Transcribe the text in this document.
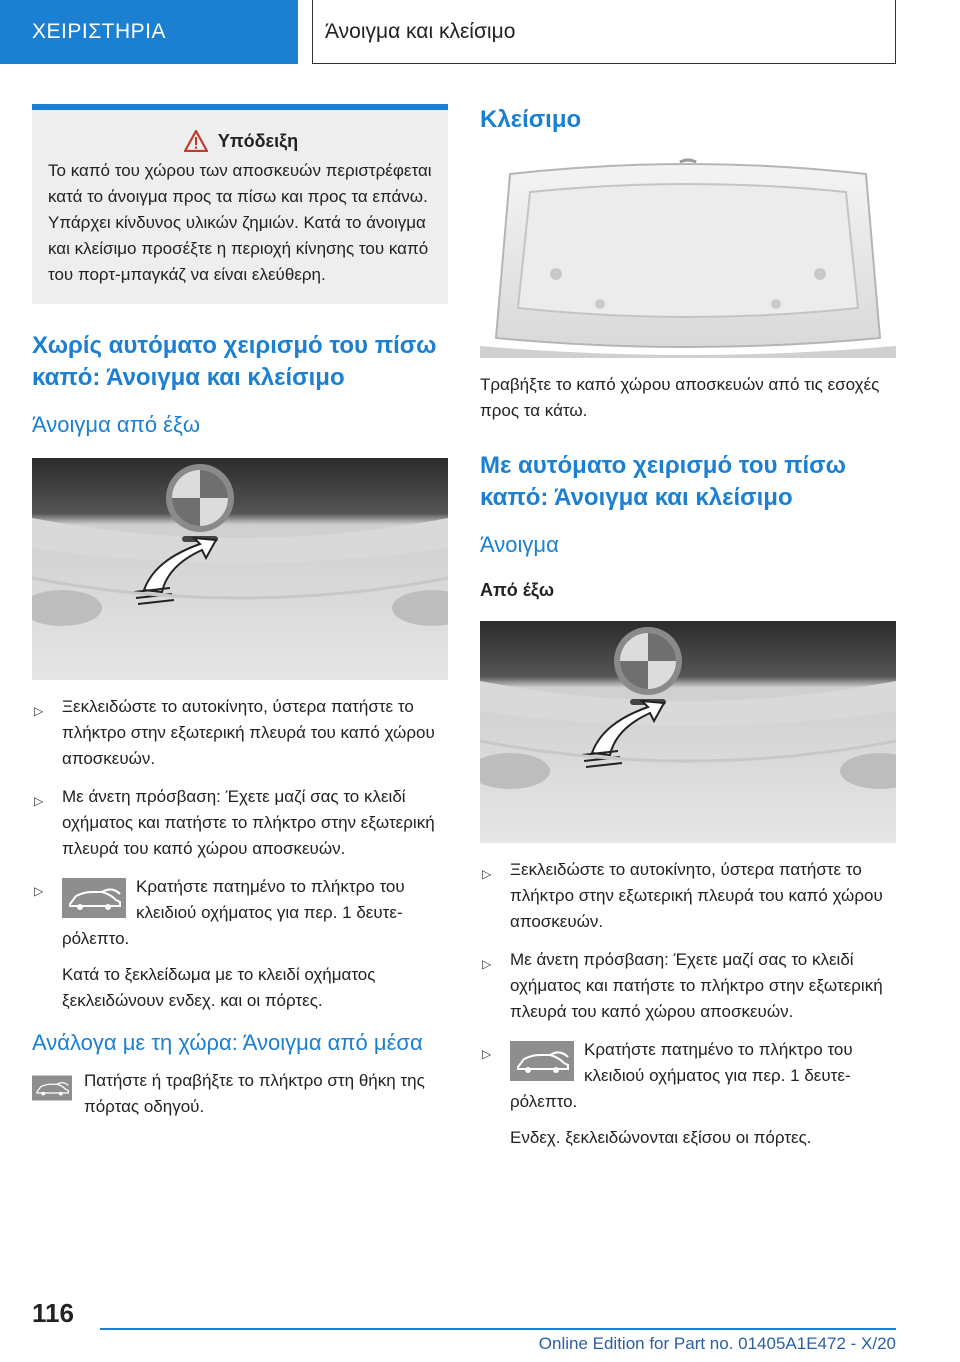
ΧΕΙΡΙΣΤΗΡΙΑ	Άνοιγμα και κλείσιμο
Υπόδειξη
Το καπό του χώρου των αποσκευών περιστρέφεται κατά το άνοιγμα προς τα πίσω και προς τα επάνω. Υπάρχει κίνδυνος υλικών ζημιών. Κατά το άνοιγμα και κλείσιμο προσέξτε η περιοχή κίνησης του καπό του πορτ-μπαγκάζ να είναι ελεύθερη.
Χωρίς αυτόματο χειρισμό του πίσω καπό: Άνοιγμα και κλείσιμο
Άνοιγμα από έξω
▷ Ξεκλειδώστε το αυτοκίνητο, ύστερα πατήστε το πλήκτρο στην εξωτερική πλευρά του καπό χώρου αποσκευών.
▷ Με άνετη πρόσβαση: Έχετε μαζί σας το κλειδί οχήματος και πατήστε το πλήκτρο στην εξωτερική πλευρά του καπό χώρου αποσκευών.
▷	Κρατήστε πατημένο το πλήκτρο του κλειδιού οχήματος για περ. 1 δευτερόλεπτο.

Κατά το ξεκλείδωμα με το κλειδί οχήματος ξεκλειδώνουν ενδεχ. και οι πόρτες.

Ανάλογα με τη χώρα: Άνοιγμα από μέσα

Πατήστε ή τραβήξτε το πλήκτρο στη θήκη της πόρτας οδηγού.

Κλείσιμο

Τραβήξτε το καπό χώρου αποσκευών από τις εσοχές προς τα κάτω.

Με αυτόματο χειρισμό του πίσω καπό: Άνοιγμα και κλείσιμο
Άνοιγμα
Από έξω
▷ Ξεκλειδώστε το αυτοκίνητο, ύστερα πατήστε το πλήκτρο στην εξωτερική πλευρά του καπό χώρου αποσκευών.
▷ Με άνετη πρόσβαση: Έχετε μαζί σας το κλειδί οχήματος και πατήστε το πλήκτρο στην εξωτερική πλευρά του καπό χώρου αποσκευών.
▷	Κρατήστε πατημένο το πλήκτρο του κλειδιού οχήματος για περ. 1 δευτερόλεπτο.

Ενδεχ. ξεκλειδώνονται εξίσου οι πόρτες.

116
Online Edition for Part no. 01405A1E472 - X/20
